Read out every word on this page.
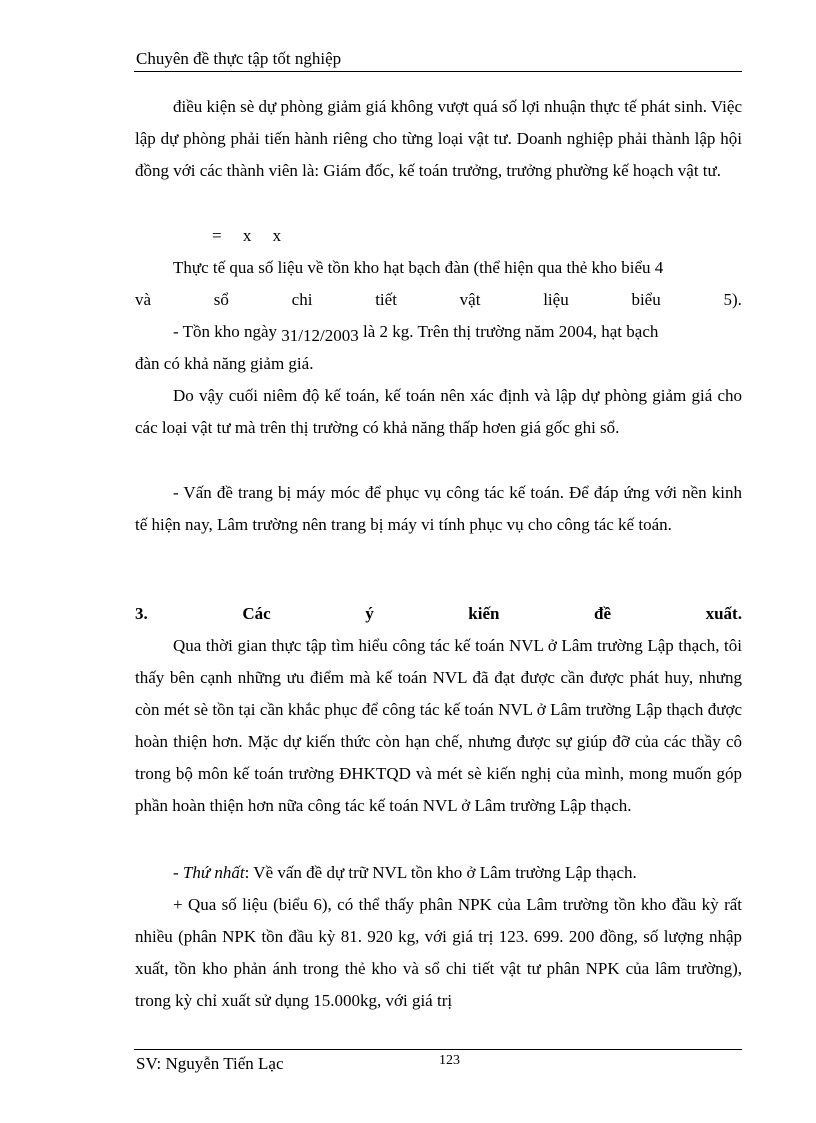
Chuyên đề thực tập tốt nghiệp

điều kiện sè dự phòng giảm giá không vượt quá số lợi nhuận thực tế phát sinh. Việc lập dự phòng phải tiến hành riêng cho từng loại vật tư. Doanh nghiệp phải thành lập hội đồng với các thành viên là: Giám đốc, kế toán trưởng, trưởng phường kế hoạch vật tư.

=     x     x
Thực tế qua số liệu về tồn kho hạt bạch đàn (thể hiện qua thẻ kho biểu 4
và	sổ	chi	tiết	vật	liệu	biểu	5).
- Tồn kho ngày 31/12/2003 là 2 kg. Trên thị trường năm 2004, hạt bạch
đàn có khả năng giảm giá.

Do vậy cuối niêm độ kế toán, kế toán nên xác định và lập dự phòng giảm giá cho các loại vật tư mà trên thị trường có khả năng thấp hơen giá gốc ghi sổ.

- Vấn đề trang bị máy móc để phục vụ công tác kế toán. Để đáp ứng với nền kinh tế hiện nay, Lâm trường nên trang bị máy vi tính phục vụ cho công tác kế toán.

3.	Các	ý	kiến	đề	xuất.

Qua thời gian thực tập tìm hiểu công tác kế toán NVL ở Lâm trường Lập thạch, tôi thấy bên cạnh những ưu điểm mà kế toán NVL đã đạt được cần được phát huy, nhưng còn mét sè tồn tại cần khắc phục để công tác kế toán NVL ở Lâm trường Lập thạch được hoàn thiện hơn. Mặc dự kiến thức còn hạn chế, nhưng được sự giúp đỡ của các thầy cô trong bộ môn kế toán trường ĐHKTQD và mét sè kiến nghị của mình, mong muốn góp phần hoàn thiện hơn nữa công tác kế toán NVL ở Lâm trường Lập thạch.

- Thứ nhất: Về vấn đề dự trữ NVL tồn kho ở Lâm trường Lập thạch.

+ Qua số liệu (biểu 6), có thể thấy phân NPK của Lâm trường tồn kho đầu kỳ rất nhiều (phân NPK tồn đầu kỳ 81. 920 kg, với giá trị 123. 699. 200 đồng, số lượng nhập xuất, tồn kho phản ánh trong thẻ kho và sổ chi tiết vật tư phân NPK của lâm trường), trong kỳ chỉ xuất sử dụng 15.000kg, với giá trị

SV: Nguyễn Tiến Lạc	123
